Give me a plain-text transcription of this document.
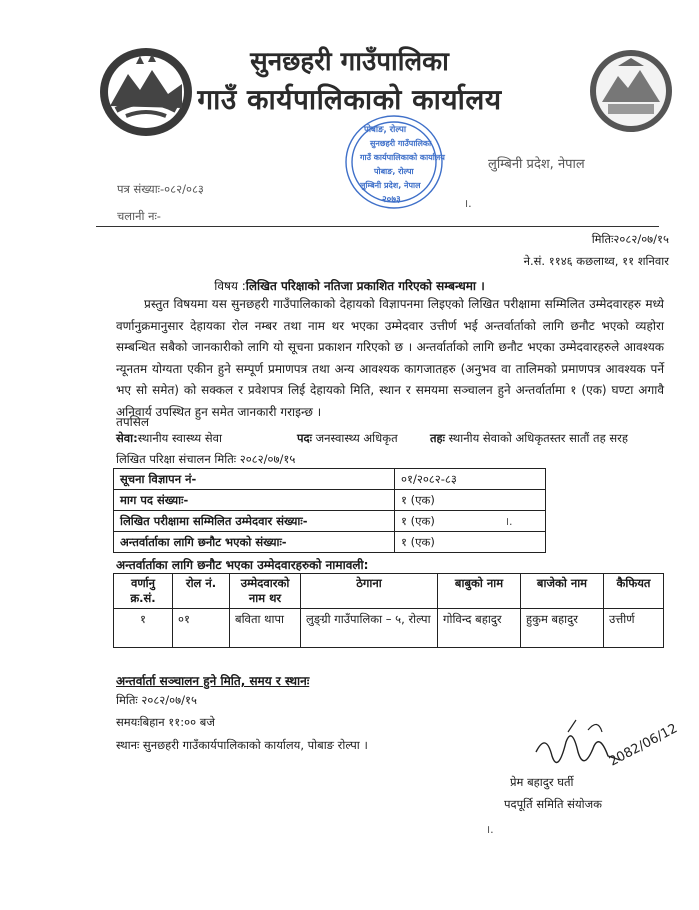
सुनछहरी गाउँपालिका
गाउँ कार्यपालिकाको कार्यालय
पोबाङ, रोल्पा
सुनछहरी गाउँपालिका
गाउँ कार्यपालिकाको कार्यालय
पोबाङ, रोल्पा
लुम्बिनी प्रदेश, नेपाल
२०७३
लुम्बिनी प्रदेश, नेपाल
पत्र संख्याः-०८२/०८३
।.
चलानी नः-
मितिः२०८२/०७/१५
ने.सं. ११४६ कछलाथ्व, ११ शनिवार
विषय :लिखित परिक्षाको नतिजा प्रकाशित गरिएको सम्बन्धमा ।

प्रस्तुत विषयमा यस सुनछहरी गाउँपालिकाको देहायको विज्ञापनमा लिइएको लिखित परीक्षामा सम्मिलित उम्मेदवारहरु मध्ये वर्णानुक्रमानुसार देहायका रोल नम्बर तथा नाम थर भएका उम्मेदवार उत्तीर्ण भई अन्तर्वार्ताको लागि छनौट भएको व्यहोरा सम्बन्धित सबैको जानकारीको लागि यो सूचना प्रकाशन गरिएको छ । अन्तर्वार्ताको लागि छनौट भएका उम्मेदवारहरुले आवश्यक न्यूनतम योग्यता एकीन हुने सम्पूर्ण प्रमाणपत्र तथा अन्य आवश्यक कागजातहरु (अनुभव वा तालिमको प्रमाणपत्र आवश्यक पर्ने भए सो समेत) को सक्कल र प्रवेशपत्र लिई देहायको मिति, स्थान र समयमा सञ्चालन हुने अन्तर्वार्तामा १ (एक) घण्टा अगावै अनिवार्य उपस्थित हुन समेत जानकारी गराइन्छ ।

तपसिल
सेवा:स्थानीय स्वास्थ्य सेवा	पदः जनस्वास्थ्य अधिकृत	तहः स्थानीय सेवाको अधिकृतस्तर सातौं तह सरह
लिखित परिक्षा संचालन मितिः २०८२/०७/१५
सूचना विज्ञापन नं-	०१/२०८२-८३
माग पद संख्याः-	१ (एक)
लिखित परीक्षामा सम्मिलित उम्मेदवार संख्याः-	१ (एक) ।.
अन्तर्वार्ताका लागि छनौट भएको संख्याः-	१ (एक)
अन्तर्वार्ताका लागि छनौट भएका उम्मेदवारहरुको नामावली:
वर्णानु क्र.सं.	रोल नं.	उम्मेदवारको नाम थर	ठेगाना	बाबुको नाम	बाजेको नाम	कैफियत
१	०१	बविता थापा	लुङ्ग्री गाउँपालिका – ५, रोल्पा	गोविन्द बहादुर	हुकुम बहादुर	उत्तीर्ण
अन्तर्वार्ता सञ्चालन हुने मिति, समय र स्थानः
मितिः २०८२/०७/१५
समयःबिहान ११:०० बजे
स्थानः सुनछहरी गाउँकार्यपालिकाको कार्यालय, पोबाङ रोल्पा ।	2082/06/12
प्रेम बहादुर घर्ती
पदपूर्ति समिति संयोजक
।.
